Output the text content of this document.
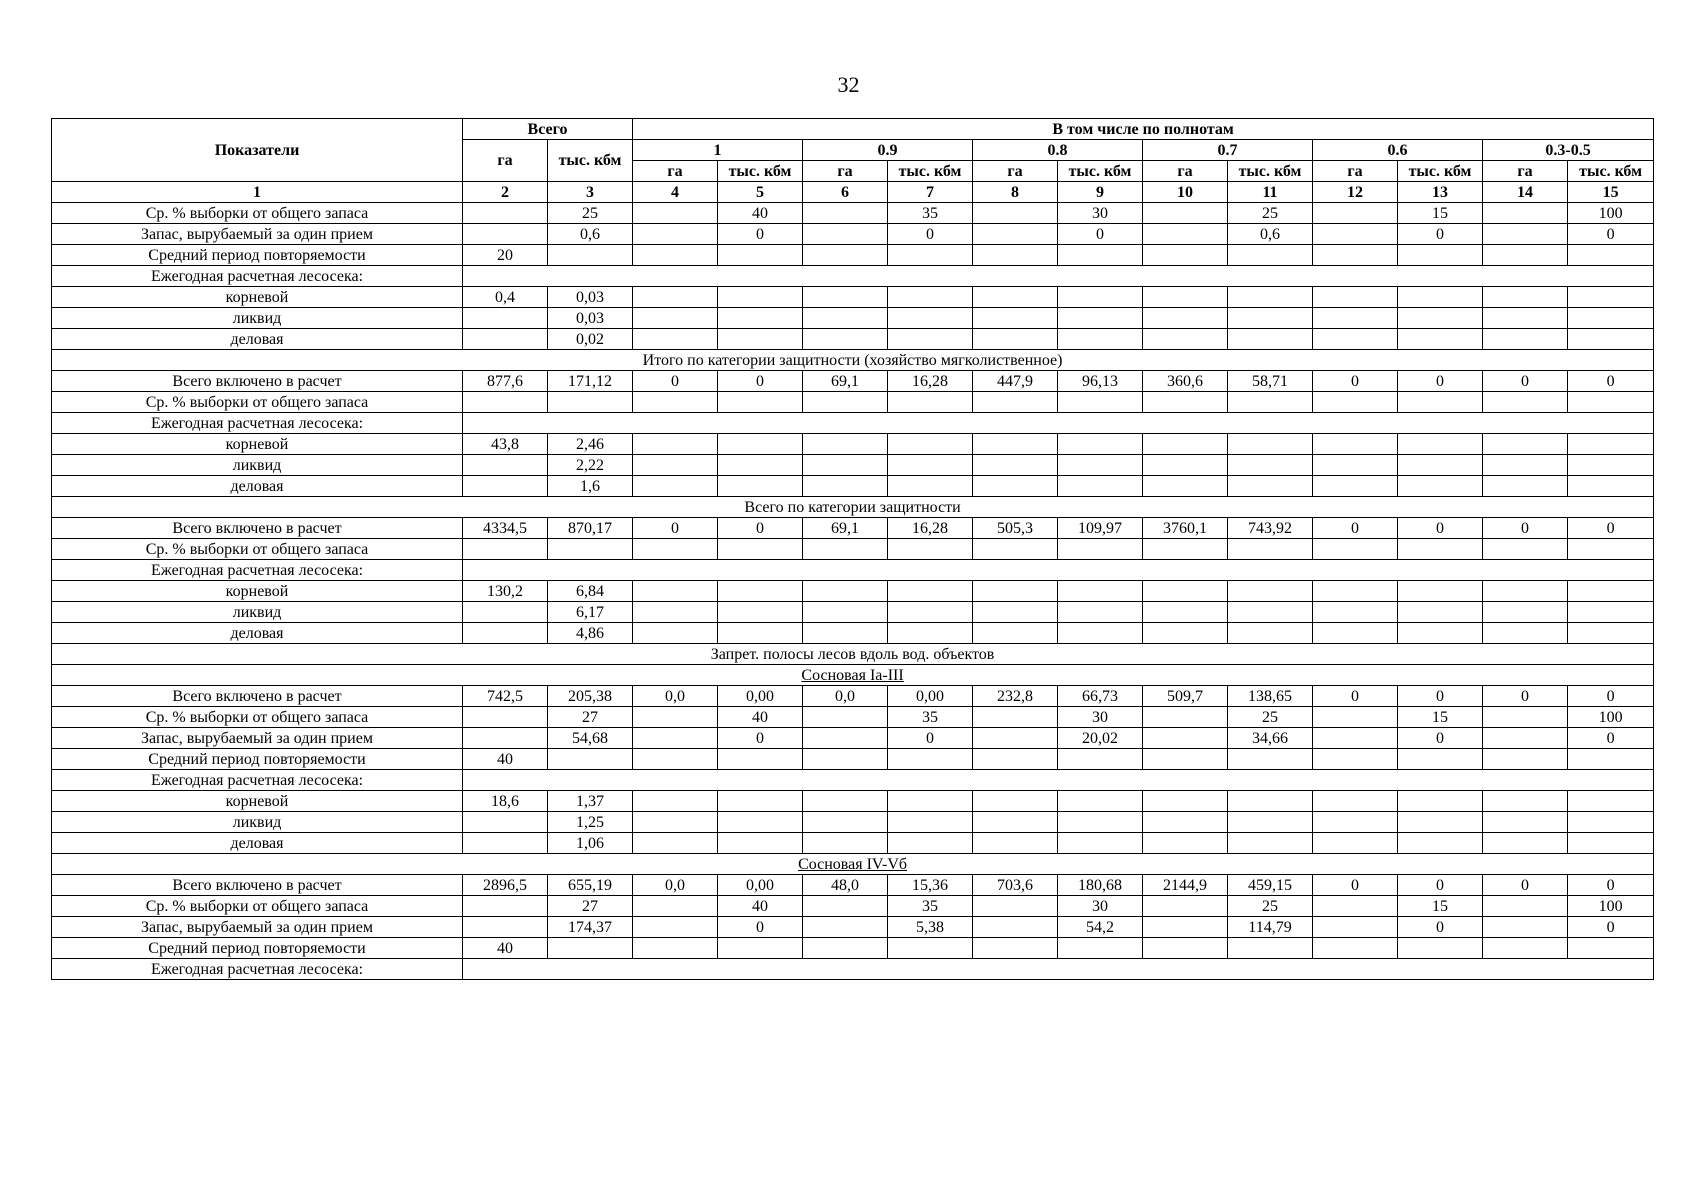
32
Показатели	Всего		В том числе по полнотам											
	га	тыс. кбм	1		0.9		0.8		0.7		0.6		0.3-0.5	
			га	тыс. кбм	га	тыс. кбм	га	тыс. кбм	га	тыс. кбм	га	тыс. кбм	га	тыс. кбм
1	2	3	4	5	6	7	8	9	10	11	12	13	14	15
Ср. % выборки от общего запаса		25		40		35		30		25		15		100
Запас, вырубаемый за один прием		0,6		0		0		0		0,6		0		0
Средний период повторяемости	20													
Ежегодная расчетная лесосека:														
корневой	0,4	0,03												
ликвид		0,03												
деловая		0,02												
Итого по категории защитности (хозяйство мягколиственное)														
Всего включено в расчет	877,6	171,12	0	0	69,1	16,28	447,9	96,13	360,6	58,71	0	0	0	0
Ср. % выборки от общего запаса														
Ежегодная расчетная лесосека:														
корневой	43,8	2,46												
ликвид		2,22												
деловая		1,6												
Всего по категории защитности														
Всего включено в расчет	4334,5	870,17	0	0	69,1	16,28	505,3	109,97	3760,1	743,92	0	0	0	0
Ср. % выборки от общего запаса														
Ежегодная расчетная лесосека:														
корневой	130,2	6,84												
ликвид		6,17												
деловая		4,86												
Запрет. полосы лесов вдоль вод. объектов														
Сосновая Iа-III														
Всего включено в расчет	742,5	205,38	0,0	0,00	0,0	0,00	232,8	66,73	509,7	138,65	0	0	0	0
Ср. % выборки от общего запаса		27		40		35		30		25		15		100
Запас, вырубаемый за один прием		54,68		0		0		20,02		34,66		0		0
Средний период повторяемости	40													
Ежегодная расчетная лесосека:														
корневой	18,6	1,37												
ликвид		1,25												
деловая		1,06												
Сосновая IV-Vб														
Всего включено в расчет	2896,5	655,19	0,0	0,00	48,0	15,36	703,6	180,68	2144,9	459,15	0	0	0	0
Ср. % выборки от общего запаса		27		40		35		30		25		15		100
Запас, вырубаемый за один прием		174,37		0		5,38		54,2		114,79		0		0
Средний период повторяемости	40													
Ежегодная расчетная лесосека:														
